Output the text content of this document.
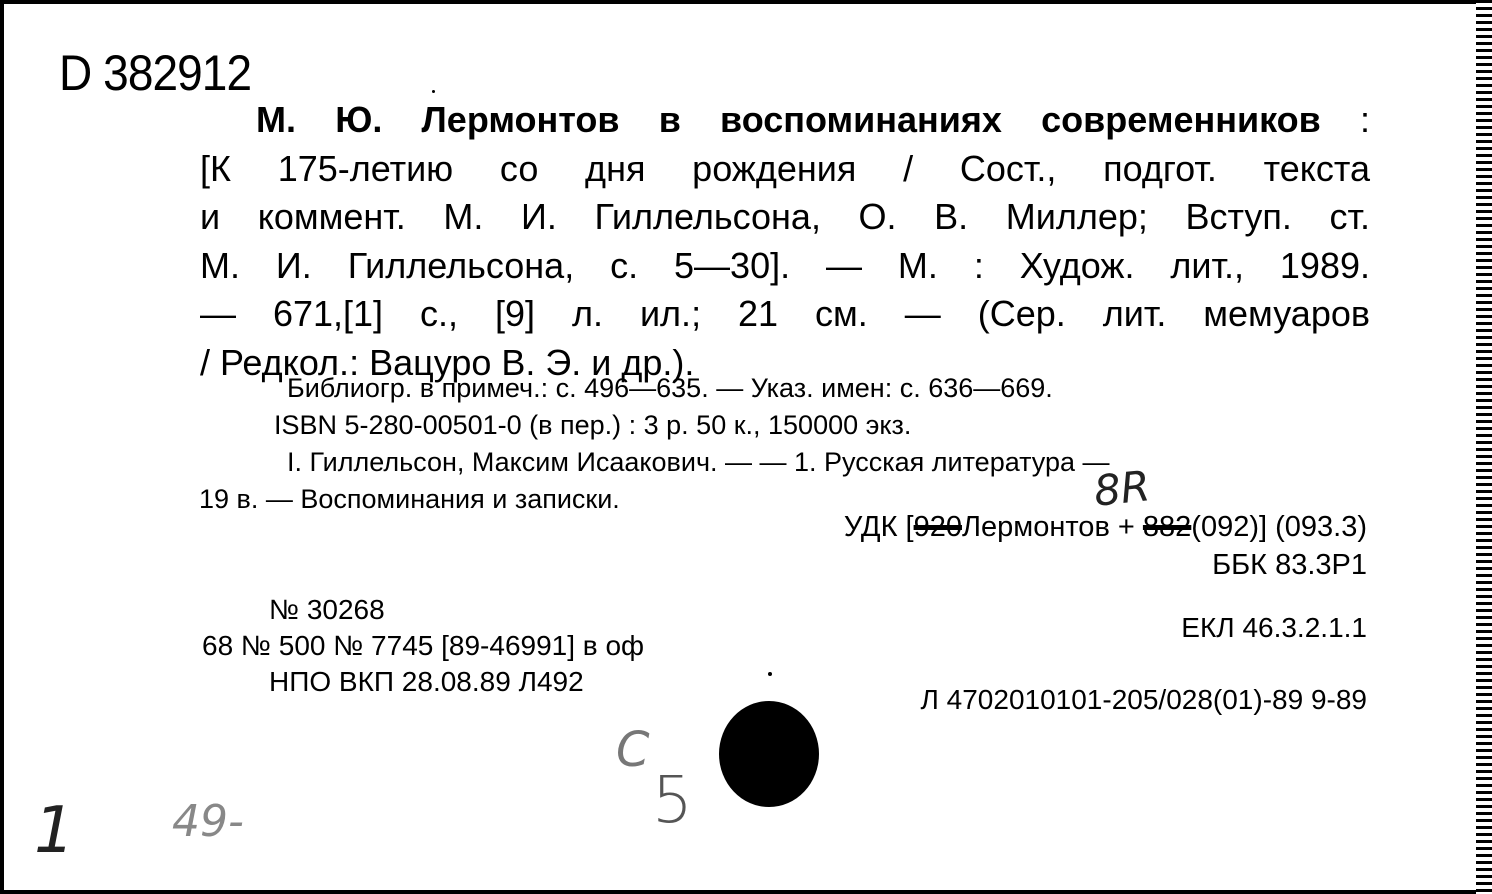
D 382912
М. Ю. Лермонтов в воспоминаниях современников :
[К 175-летию со дня рождения / Сост., подгот. текста
и коммент. М. И. Гиллельсона, О. В. Миллер; Вступ. ст.
М. И. Гиллельсона, с. 5—30]. — М. : Худож. лит., 1989.
— 671,[1] с., [9] л. ил.; 21 см. — (Сер. лит. мемуаров
/ Редкол.: Вацуро В. Э. и др.).
Библиогр. в примеч.: с. 496—635. — Указ. имен: с. 636—669.
ISBN 5-280-00501-0 (в пер.) : 3 р. 50 к., 150000 экз.
I. Гиллельсон, Максим Исаакович. — — 1. Русская литература —
19 в. — Воспоминания и записки.
УДК [920Лермонтов + 882(092)] (093.3)
ББК 83.3Р1
№ 30268
68 № 500 № 7745 [89-46991] в оф
НПО ВКП 28.08.89 Л492
ЕКЛ 46.3.2.1.1
Л 4702010101-205/028(01)-89 9-89
8R
С
5
1 49-
